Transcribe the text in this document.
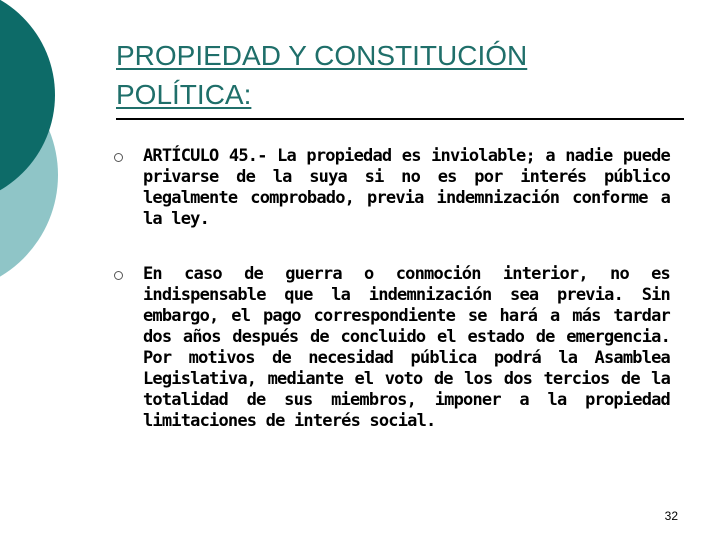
PROPIEDAD Y CONSTITUCIÓN
POLÍTICA:
ARTÍCULO 45.- La propiedad es inviolable; a nadie puede privarse de la suya si no es por interés público legalmente comprobado, previa indemnización conforme a la ley.
En caso de guerra o conmoción interior, no es indispensable que la indemnización sea previa. Sin embargo, el pago correspondiente se hará a más tardar dos años después de concluido el estado de emergencia. Por motivos de necesidad pública podrá la Asamblea Legislativa, mediante el voto de los dos tercios de la totalidad de sus miembros, imponer a la propiedad limitaciones de interés social.
32
